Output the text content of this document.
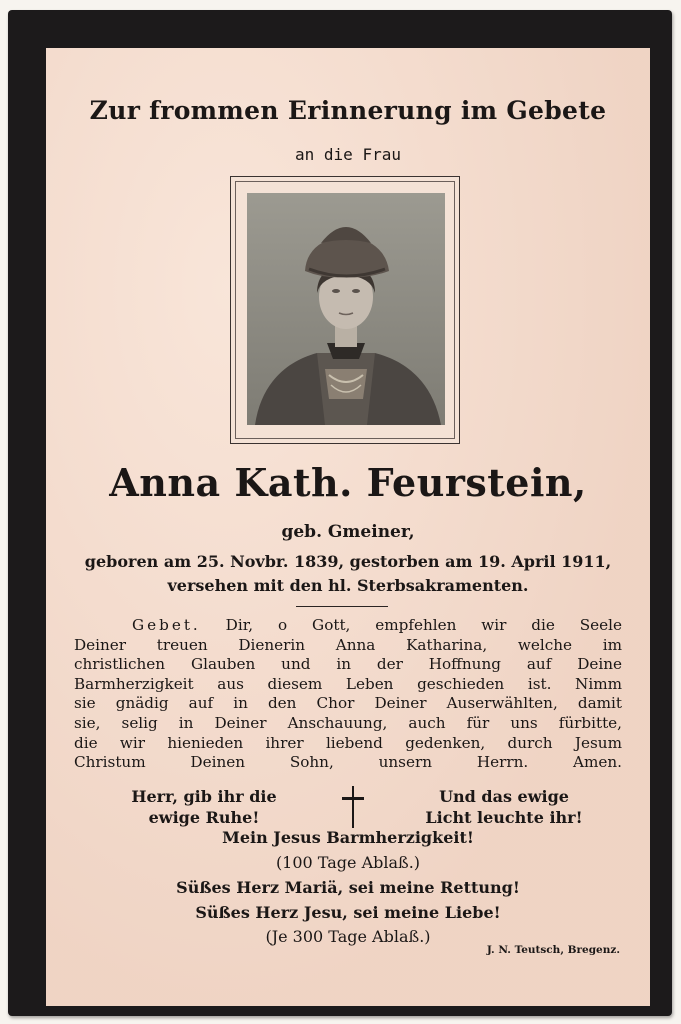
Zur frommen Erinnerung im Gebete
an die Frau
Anna Kath. Feurstein,
geb. Gmeiner,
geboren am 25. Novbr. 1839, gestorben am 19. April 1911,
versehen mit den hl. Sterbsakramenten.
Gebet. Dir, o Gott, empfehlen wir die Seele
Deiner treuen Dienerin Anna Katharina, welche im
christlichen Glauben und in der Hoffnung auf Deine
Barmherzigkeit aus diesem Leben geschieden ist. Nimm
sie gnädig auf in den Chor Deiner Auserwählten, damit
sie, selig in Deiner Anschauung, auch für uns fürbitte,
die wir hienieden ihrer liebend gedenken, durch Jesum
Christum Deinen Sohn, unsern Herrn. Amen.
Herr, gib ihr die
ewige Ruhe!
Und das ewige
Licht leuchte ihr!
Mein Jesus Barmherzigkeit!
(100 Tage Ablaß.)
Süßes Herz Mariä, sei meine Rettung!
Süßes Herz Jesu, sei meine Liebe!
(Je 300 Tage Ablaß.)
J. N. Teutsch, Bregenz.
